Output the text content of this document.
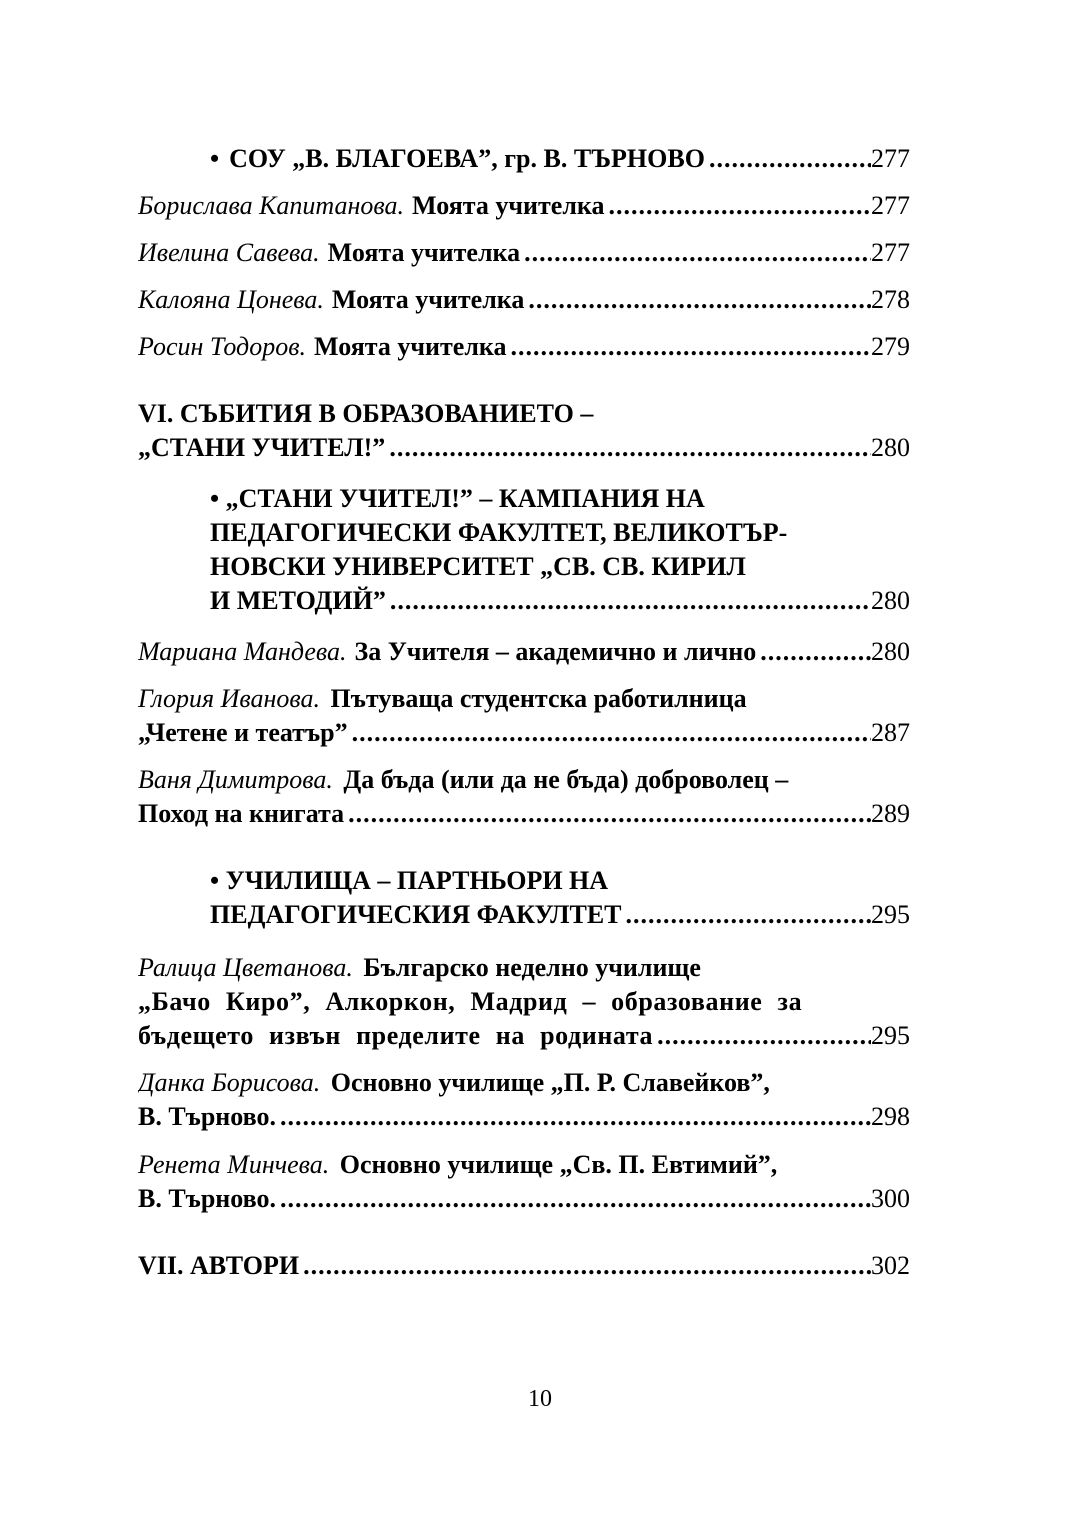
• СОУ „В. БЛАГОЕВА”, гр. В. ТЪРНОВО .....	277
Борислава Капитанова. Моята учителка .....	277
Ивелина Савева. Моята учителка .....	277
Калояна Цонева. Моята учителка .....	278
Росин Тодоров. Моята учителка .....	279
VI. СЪБИТИЯ В ОБРАЗОВАНИЕТО –
„СТАНИ УЧИТЕЛ!” .....	280
• „СТАНИ УЧИТЕЛ!” – КАМПАНИЯ НА
ПЕДАГОГИЧЕСКИ ФАКУЛТЕТ, ВЕЛИКОТЪР-
НОВСКИ УНИВЕРСИТЕТ „СВ. СВ. КИРИЛ
И МЕТОДИЙ” .....	280
Мариана Мандева. За Учителя – академично и лично .....	280
Глория Иванова. Пътуваща студентска работилница
„Четене и театър” .....	287
Ваня Димитрова. Да бъда (или да не бъда) доброволец –
Поход на книгата .....	289
• УЧИЛИЩА – ПАРТНЬОРИ НА
ПЕДАГОГИЧЕСКИЯ ФАКУЛТЕТ .....	295
Ралица Цветанова. Българско неделно училище
„Бачо Киро”, Алкоркон, Мадрид – образование за
бъдещето извън пределите на родината .....	295
Данка Борисова. Основно училище „П. Р. Славейков”,
В. Търново. .....	298
Ренета Минчева. Основно училище „Св. П. Евтимий”,
В. Търново. .....	300
VII. АВТОРИ .....	302
10
